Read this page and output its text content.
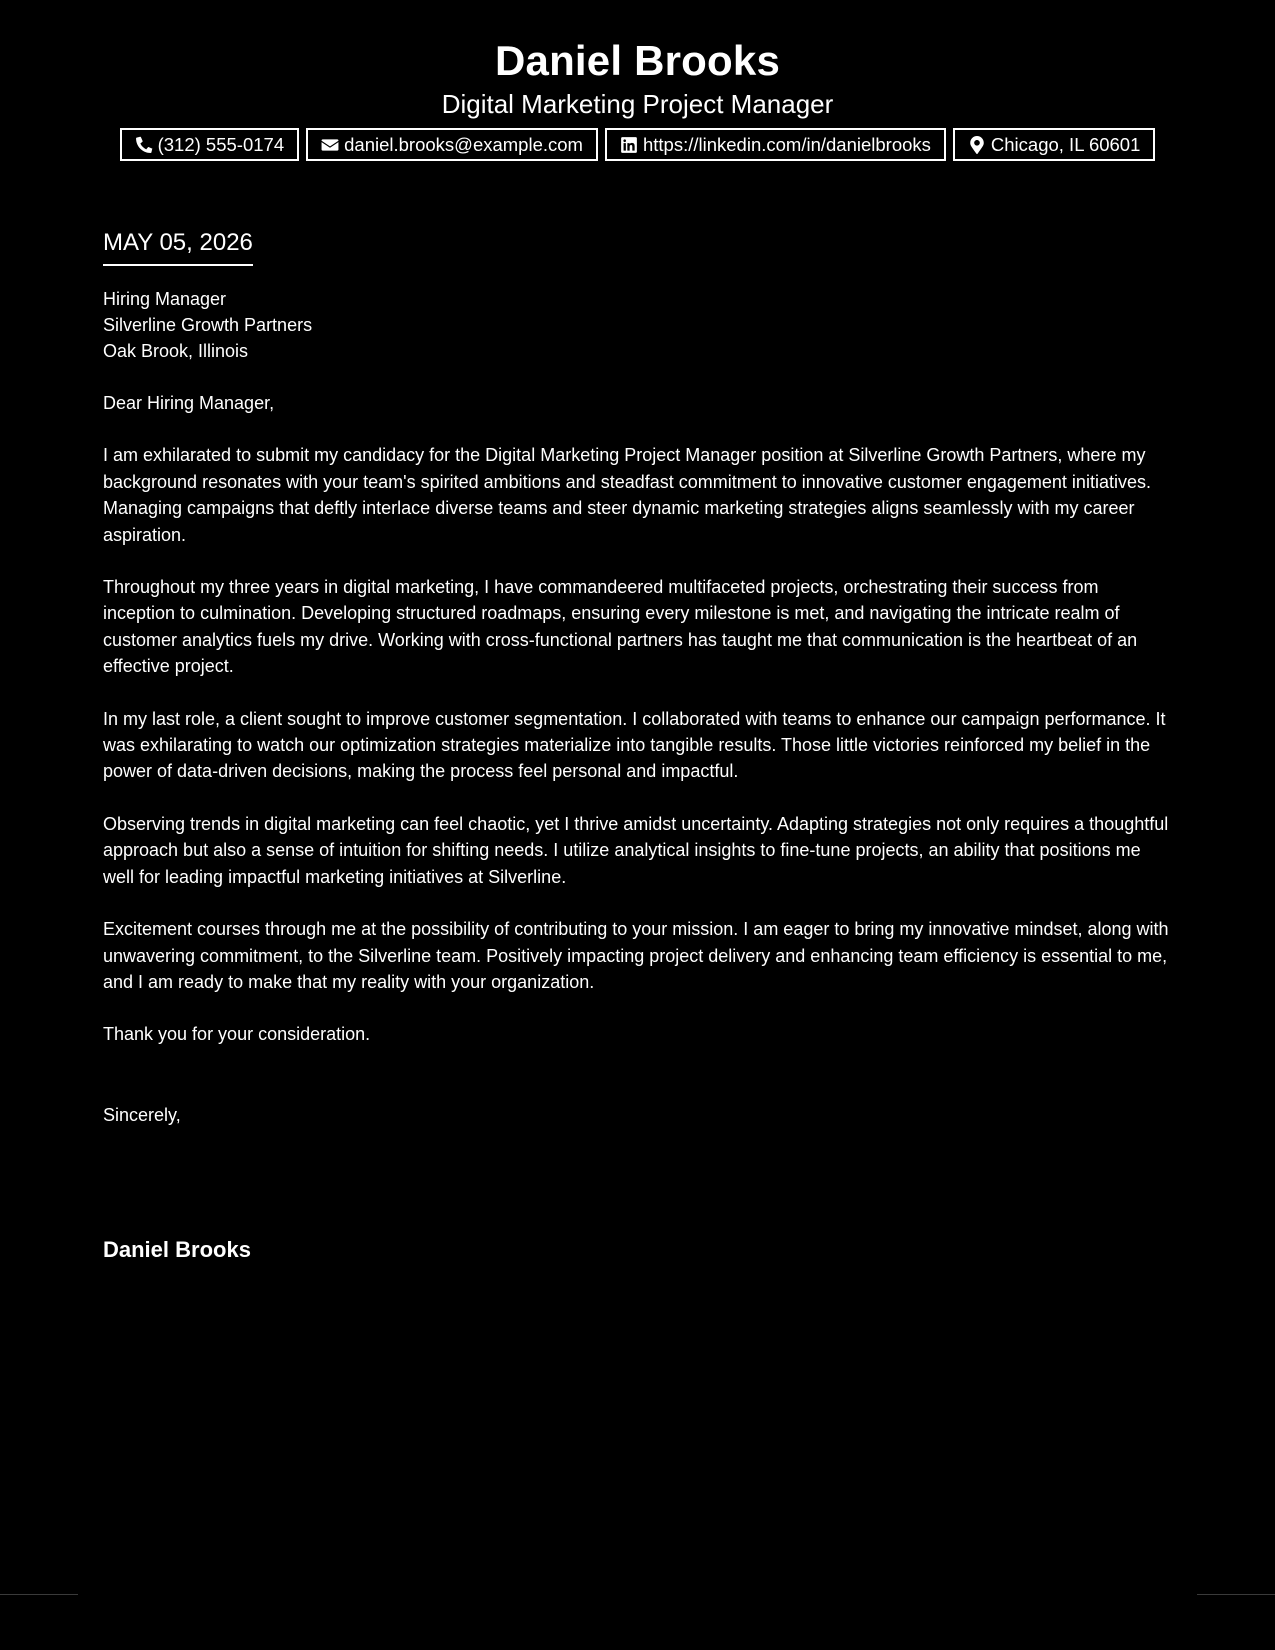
Daniel Brooks
Digital Marketing Project Manager
(312) 555-0174	daniel.brooks@example.com	https://linkedin.com/in/danielbrooks	Chicago, IL 60601
MAY 05, 2026
Hiring Manager
Silverline Growth Partners
Oak Brook, Illinois

Dear Hiring Manager,

I am exhilarated to submit my candidacy for the Digital Marketing Project Manager position at Silverline Growth Partners, where my background resonates with your team's spirited ambitions and steadfast commitment to innovative customer engagement initiatives. Managing campaigns that deftly interlace diverse teams and steer dynamic marketing strategies aligns seamlessly with my career aspiration.

Throughout my three years in digital marketing, I have commandeered multifaceted projects, orchestrating their success from inception to culmination. Developing structured roadmaps, ensuring every milestone is met, and navigating the intricate realm of customer analytics fuels my drive. Working with cross-functional partners has taught me that communication is the heartbeat of an effective project.

In my last role, a client sought to improve customer segmentation. I collaborated with teams to enhance our campaign performance. It was exhilarating to watch our optimization strategies materialize into tangible results. Those little victories reinforced my belief in the power of data-driven decisions, making the process feel personal and impactful.

Observing trends in digital marketing can feel chaotic, yet I thrive amidst uncertainty. Adapting strategies not only requires a thoughtful approach but also a sense of intuition for shifting needs. I utilize analytical insights to fine-tune projects, an ability that positions me well for leading impactful marketing initiatives at Silverline.

Excitement courses through me at the possibility of contributing to your mission. I am eager to bring my innovative mindset, along with unwavering commitment, to the Silverline team. Positively impacting project delivery and enhancing team efficiency is essential to me, and I am ready to make that my reality with your organization.

Thank you for your consideration.

Sincerely,

Daniel Brooks
